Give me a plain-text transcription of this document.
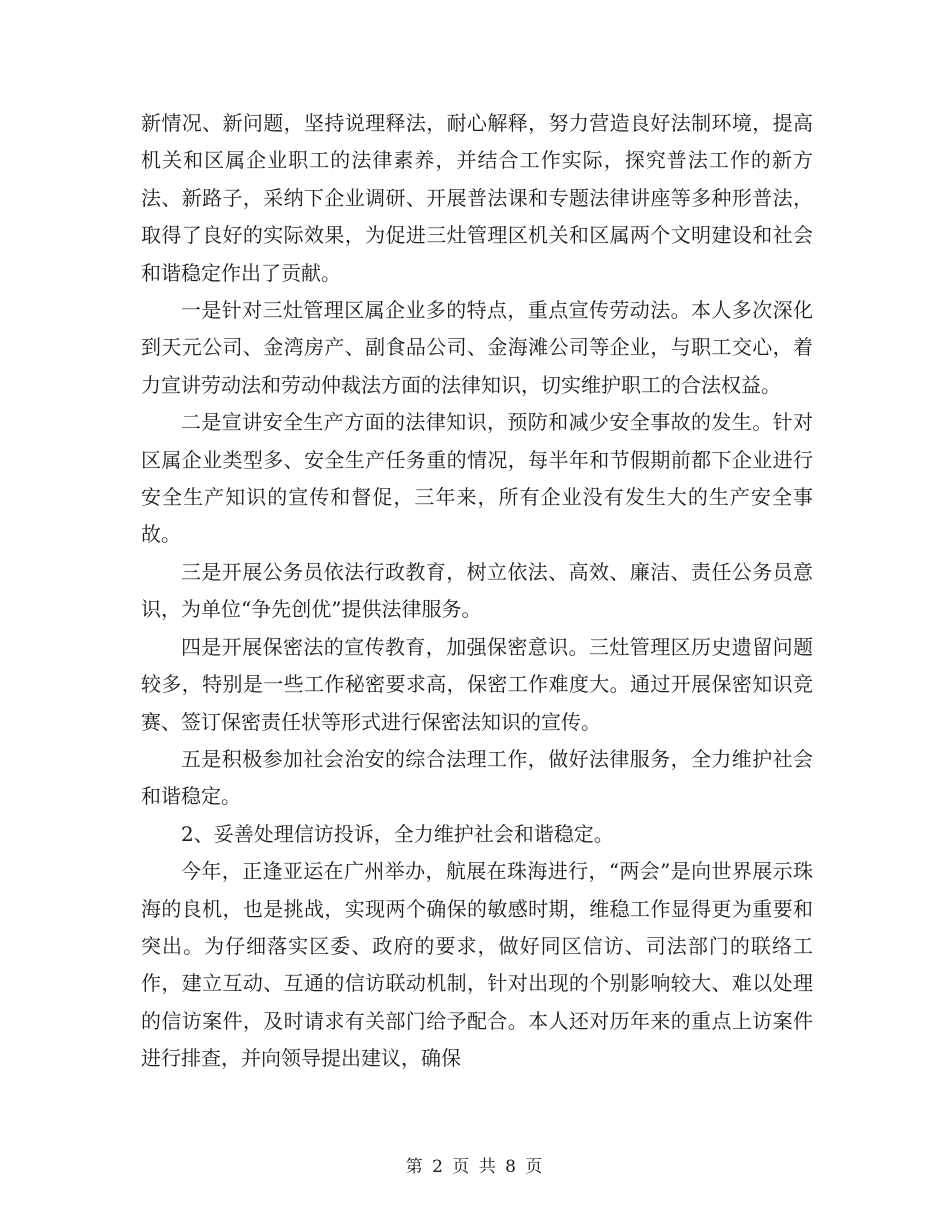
新情况、新问题，坚持说理释法，耐心解释，努力营造良好法制环境，提高机关和区属企业职工的法律素养，并结合工作实际，探究普法工作的新方法、新路子，采纳下企业调研、开展普法课和专题法律讲座等多种形普法，取得了良好的实际效果，为促进三灶管理区机关和区属两个文明建设和社会和谐稳定作出了贡献。

一是针对三灶管理区属企业多的特点，重点宣传劳动法。本人多次深化到天元公司、金湾房产、副食品公司、金海滩公司等企业，与职工交心，着力宣讲劳动法和劳动仲裁法方面的法律知识，切实维护职工的合法权益。

二是宣讲安全生产方面的法律知识，预防和减少安全事故的发生。针对区属企业类型多、安全生产任务重的情况，每半年和节假期前都下企业进行安全生产知识的宣传和督促，三年来，所有企业没有发生大的生产安全事故。

三是开展公务员依法行政教育，树立依法、高效、廉洁、责任公务员意识，为单位“争先创优”提供法律服务。

四是开展保密法的宣传教育，加强保密意识。三灶管理区历史遗留问题较多，特别是一些工作秘密要求高，保密工作难度大。通过开展保密知识竞赛、签订保密责任状等形式进行保密法知识的宣传。

五是积极参加社会治安的综合法理工作，做好法律服务，全力维护社会和谐稳定。

2、妥善处理信访投诉，全力维护社会和谐稳定。

今年，正逢亚运在广州举办，航展在珠海进行，“两会”是向世界展示珠海的良机，也是挑战，实现两个确保的敏感时期，维稳工作显得更为重要和突出。为仔细落实区委、政府的要求，做好同区信访、司法部门的联络工作，建立互动、互通的信访联动机制，针对出现的个别影响较大、难以处理的信访案件，及时请求有关部门给予配合。本人还对历年来的重点上访案件进行排查，并向领导提出建议，确保

第 2 页 共 8 页
